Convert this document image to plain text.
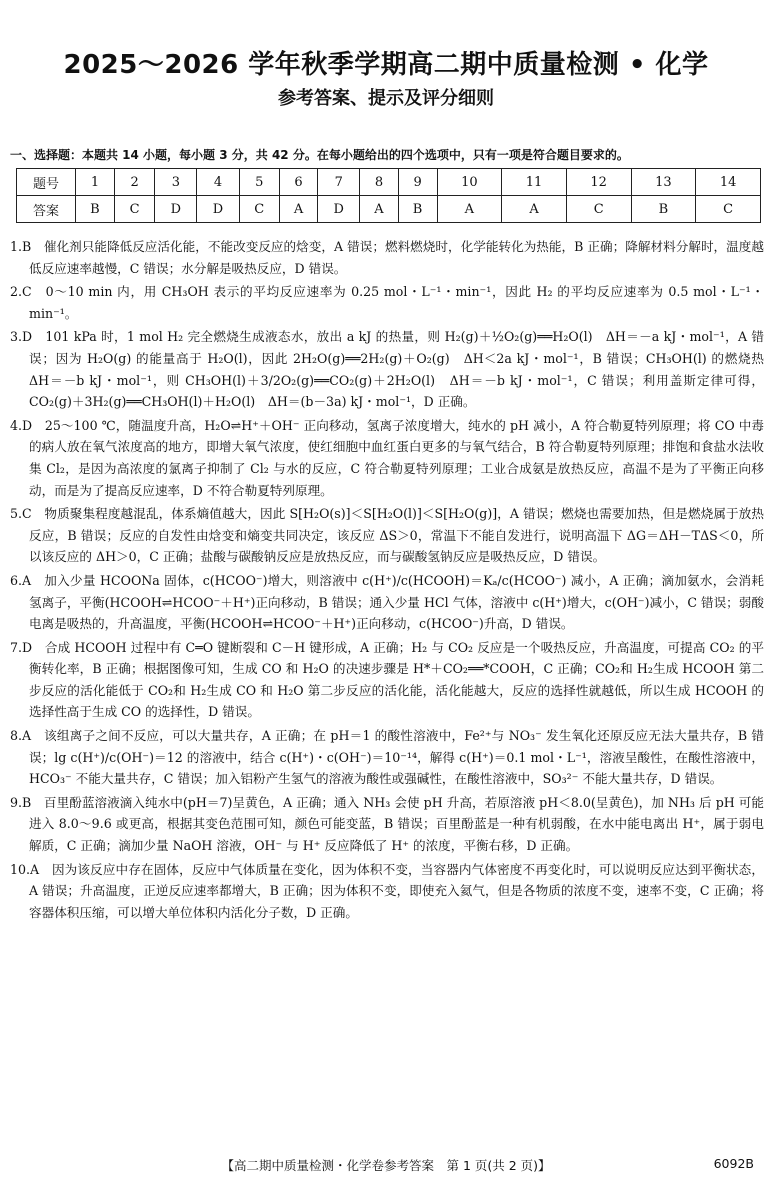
2025～2026 学年秋季学期高二期中质量检测 • 化学
参考答案、提示及评分细则
一、选择题：本题共 14 小题，每小题 3 分，共 42 分。在每小题给出的四个选项中，只有一项是符合题目要求的。
题号	1	2	3	4	5	6	7	8	9	10	11	12	13	14
答案	B	C	D	D	C	A	D	A	B	A	A	C	B	C

1.B　催化剂只能降低反应活化能，不能改变反应的焓变，A 错误；燃料燃烧时，化学能转化为热能，B 正确；降解材料分解时，温度越低反应速率越慢，C 错误；水分解是吸热反应，D 错误。

2.C　0～10 min 内，用 CH₃OH 表示的平均反应速率为 0.25 mol・L⁻¹・min⁻¹，因此 H₂ 的平均反应速率为 0.5 mol・L⁻¹・min⁻¹。

3.D　101 kPa 时，1 mol H₂ 完全燃烧生成液态水，放出 a kJ 的热量，则 H₂(g)＋½O₂(g)══H₂O(l)　ΔH＝－a kJ・mol⁻¹，A 错误；因为 H₂O(g) 的能量高于 H₂O(l)，因此 2H₂O(g)══2H₂(g)＋O₂(g)　ΔH＜2a kJ・mol⁻¹，B 错误；CH₃OH(l) 的燃烧热 ΔH＝－b kJ・mol⁻¹，则 CH₃OH(l)＋3/2O₂(g)══CO₂(g)＋2H₂O(l)　ΔH＝－b kJ・mol⁻¹，C 错误；利用盖斯定律可得，CO₂(g)＋3H₂(g)══CH₃OH(l)＋H₂O(l)　ΔH＝(b－3a) kJ・mol⁻¹，D 正确。

4.D　25～100 ℃，随温度升高，H₂O⇌H⁺＋OH⁻ 正向移动，氢离子浓度增大，纯水的 pH 减小，A 符合勒夏特列原理；将 CO 中毒的病人放在氧气浓度高的地方，即增大氧气浓度，使红细胞中血红蛋白更多的与氧气结合，B 符合勒夏特列原理；排饱和食盐水法收集 Cl₂，是因为高浓度的氯离子抑制了 Cl₂ 与水的反应，C 符合勒夏特列原理；工业合成氨是放热反应，高温不是为了平衡正向移动，而是为了提高反应速率，D 不符合勒夏特列原理。

5.C　物质聚集程度越混乱，体系熵值越大，因此 S[H₂O(s)]＜S[H₂O(l)]＜S[H₂O(g)]，A 错误；燃烧也需要加热，但是燃烧属于放热反应，B 错误；反应的自发性由焓变和熵变共同决定，该反应 ΔS＞0，常温下不能自发进行，说明高温下 ΔG＝ΔH－TΔS＜0，所以该反应的 ΔH＞0，C 正确；盐酸与碳酸钠反应是放热反应，而与碳酸氢钠反应是吸热反应，D 错误。

6.A　加入少量 HCOONa 固体，c(HCOO⁻)增大，则溶液中 c(H⁺)/c(HCOOH)＝Kₐ/c(HCOO⁻) 减小，A 正确；滴加氨水，会消耗氢离子，平衡(HCOOH⇌HCOO⁻＋H⁺)正向移动，B 错误；通入少量 HCl 气体，溶液中 c(H⁺)增大，c(OH⁻)减小，C 错误；弱酸电离是吸热的，升高温度，平衡(HCOOH⇌HCOO⁻＋H⁺)正向移动，c(HCOO⁻)升高，D 错误。

7.D　合成 HCOOH 过程中有 C═O 键断裂和 C－H 键形成，A 正确；H₂ 与 CO₂ 反应是一个吸热反应，升高温度，可提高 CO₂ 的平衡转化率，B 正确；根据图像可知，生成 CO 和 H₂O 的决速步骤是 H*＋CO₂══*COOH，C 正确；CO₂和 H₂生成 HCOOH 第二步反应的活化能低于 CO₂和 H₂生成 CO 和 H₂O 第二步反应的活化能，活化能越大，反应的选择性就越低，所以生成 HCOOH 的选择性高于生成 CO 的选择性，D 错误。

8.A　该组离子之间不反应，可以大量共存，A 正确；在 pH＝1 的酸性溶液中，Fe²⁺与 NO₃⁻ 发生氧化还原反应无法大量共存，B 错误；lg c(H⁺)/c(OH⁻)＝12 的溶液中，结合 c(H⁺)・c(OH⁻)＝10⁻¹⁴，解得 c(H⁺)＝0.1 mol・L⁻¹，溶液呈酸性，在酸性溶液中，HCO₃⁻ 不能大量共存，C 错误；加入铝粉产生氢气的溶液为酸性或强碱性，在酸性溶液中，SO₃²⁻ 不能大量共存，D 错误。

9.B　百里酚蓝溶液滴入纯水中(pH＝7)呈黄色，A 正确；通入 NH₃ 会使 pH 升高，若原溶液 pH＜8.0(呈黄色)，加 NH₃ 后 pH 可能进入 8.0～9.6 或更高，根据其变色范围可知，颜色可能变蓝，B 错误；百里酚蓝是一种有机弱酸，在水中能电离出 H⁺，属于弱电解质，C 正确；滴加少量 NaOH 溶液，OH⁻ 与 H⁺ 反应降低了 H⁺ 的浓度，平衡右移，D 正确。

10.A　因为该反应中存在固体，反应中气体质量在变化，因为体积不变，当容器内气体密度不再变化时，可以说明反应达到平衡状态，A 错误；升高温度，正逆反应速率都增大，B 正确；因为体积不变，即使充入氦气，但是各物质的浓度不变，速率不变，C 正确；将容器体积压缩，可以增大单位体积内活化分子数，D 正确。

【高二期中质量检测・化学卷参考答案　第 1 页(共 2 页)】	6092B
